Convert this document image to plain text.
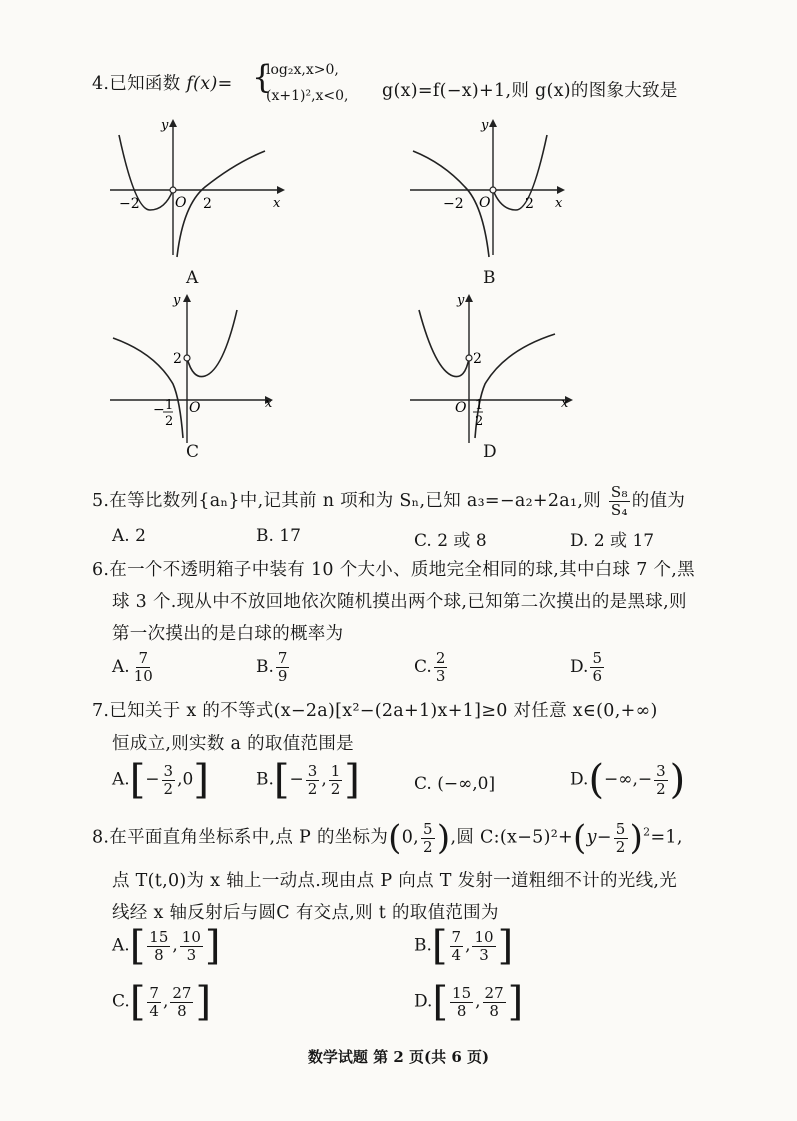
4.已知函数 f(x)= {
log₂x,x>0,
(x+1)²,x<0, g(x)=f(−x)+1,则 g(x)的图象大致是
y
x
−2	O 2
A
y
x
−2 O 2
B
y
x
2
− 1
2
O
C
y
x
2
O 1
2
D
5.在等比数列{aₙ}中,记其前 n 项和为 Sₙ,已知 a₃=−a₂+2a₁,则 $\frac{\text{S₈}}{\text{S₄}}$ 的值为
A. 2	B. 17	C. 2 或 8	D. 2 或 17
6.在一个不透明箱子中装有 10 个大小、质地完全相同的球,其中白球 7 个,黑
球 3 个.现从中不放回地依次随机摸出两个球,已知第二次摸出的是黑球,则
第一次摸出的是白球的概率为
A. $\frac{7}{10}$	B. $\frac{7}{9}$	C. $\frac{2}{3}$	D. $\frac{5}{6}$
7.已知关于 x 的不等式(x−2a)[x²−(2a+1)x+1]≥0 对任意 x∈(0,+∞)
恒成立,则实数 a 的取值范围是
$A.[- \frac{3}{2} ,0]$	$B.[- \frac{3}{2}$ , $\frac{1}{2}$ ]	C. (−∞,0]	$D.(-\infty,- \frac{3}{2}$ )
8.在平面直角坐标系中,点 P 的坐标为(0, $\frac{5}{2}$ ),圆 C:(x−5)²+(y− $\frac{5}{2} )^2=1$,
点 T(t,0)为 x 轴上一动点.现由点 P 向点 T 发射一道粗细不计的光线,光
线经 x 轴反射后与圆C 有交点,则 t 的取值范围为
$A.[ \frac{15}{8}$ , $\frac{10}{3}$ ]	$B.[ \frac{7}{4}$ , $\frac{10}{3}$ ]
$C.[ \frac{7}{4}$ , $\frac{27}{8}$ ]	$D.[ \frac{15}{8}$ , $\frac{27}{8}$ ]
数学试题 第 2 页(共 6 页)
